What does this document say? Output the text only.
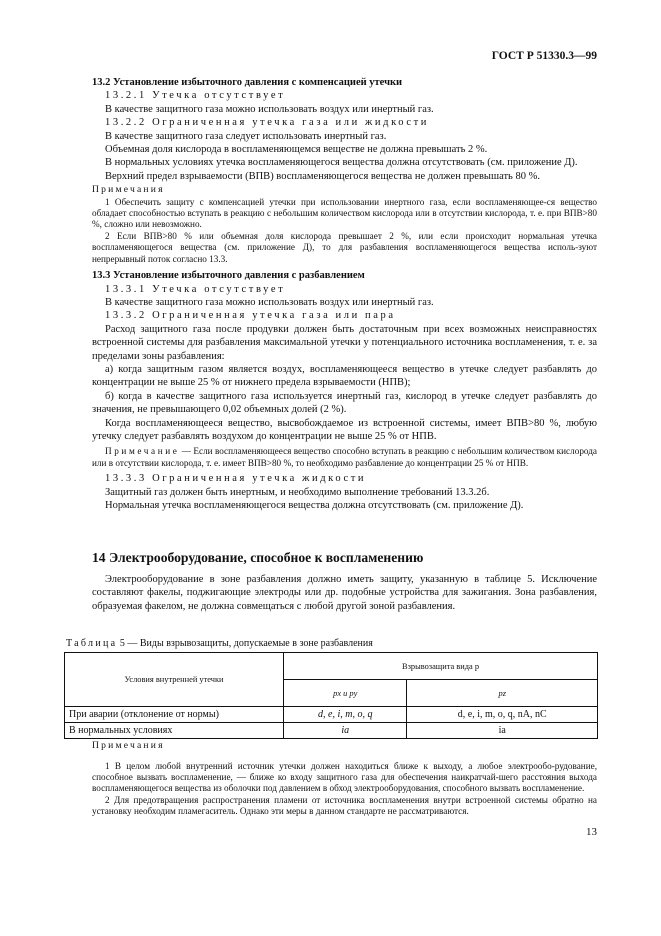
ГОСТ Р 51330.3—99

13.2 Установление избыточного давления с компенсацией утечки

13.2.1 Утечка отсутствует

В качестве защитного газа можно использовать воздух или инертный газ.

13.2.2 Ограниченная утечка газа или жидкости

В качестве защитного газа следует использовать инертный газ.

Объемная доля кислорода в воспламеняющемся веществе не должна превышать 2 %.

В нормальных условиях утечка воспламеняющегося вещества должна отсутствовать (см. приложение Д).

Верхний предел взрываемости (ВПВ) воспламеняющегося вещества не должен превышать 80 %.

Примечания

1 Обеспечить защиту с компенсацией утечки при использовании инертного газа, если воспламеняющее-ся вещество обладает способностью вступать в реакцию с небольшим количеством кислорода или в отсутствии кислорода, т. е. при ВПВ>80 %, сложно или невозможно.

2 Если ВПВ>80 % или объемная доля кислорода превышает 2 %, или если происходит нормальная утечка воспламеняющегося вещества (см. приложение Д), то для разбавления воспламеняющегося вещества исполь-зуют непрерывный поток согласно 13.3.

13.3 Установление избыточного давления с разбавлением

13.3.1 Утечка отсутствует

В качестве защитного газа можно использовать воздух или инертный газ.

13.3.2 Ограниченная утечка газа или пара

Расход защитного газа после продувки должен быть достаточным при всех возможных неисправностях встроенной системы для разбавления максимальной утечки у потенциального источника воспламенения, т. е. за пределами зоны разбавления:

а) когда защитным газом является воздух, воспламеняющееся вещество в утечке следует разбавлять до концентрации не выше 25 % от нижнего предела взрываемости (НПВ);

б) когда в качестве защитного газа используется инертный газ, кислород в утечке следует разбавлять до значения, не превышающего 0,02 объемных долей (2 %).

Когда воспламеняющееся вещество, высвобождаемое из встроенной системы, имеет ВПВ>80 %, любую утечку следует разбавлять воздухом до концентрации не выше 25 % от НПВ.

Примечание — Если воспламеняющееся вещество способно вступать в реакцию с небольшим количеством кислорода или в отсутствии кислорода, т. е. имеет ВПВ>80 %, то необходимо разбавление до концентрации 25 % от НПВ.

13.3.3 Ограниченная утечка жидкости

Защитный газ должен быть инертным, и необходимо выполнение требований 13.3.2б.

Нормальная утечка воспламеняющегося вещества должна отсутствовать (см. приложение Д).

14 Электрооборудование, способное к воспламенению

Электрооборудование в зоне разбавления должно иметь защиту, указанную в таблице 5. Исключение составляют факелы, поджигающие электроды или др. подобные устройства для зажигания. Зона разбавления, образуемая факелом, не должна совмещаться с любой другой зоной разбавления.

Таблица 5 — Виды взрывозащиты, допускаемые в зоне разбавления
Условия внутренней утечки	Взрывозащита вида p	
	px и py	pz
При аварии (отклонение от нормы)	d, e, i, m, o, q	d, e, i, m, o, q, nA, nC
В нормальных условиях	ia	ia

Примечания

1 В целом любой внутренний источник утечки должен находиться ближе к выходу, а любое электрообо-рудование, способное вызвать воспламенение, — ближе ко входу защитного газа для обеспечения наикратчай-шего расстояния выхода воспламеняющегося вещества из оболочки под давлением в обход электрооборудования, способного вызвать воспламенение.

2 Для предотвращения распространения пламени от источника воспламенения внутри встроенной системы обратно на установку необходим пламегаситель. Однако эти меры в данном стандарте не рассматриваются.

13
